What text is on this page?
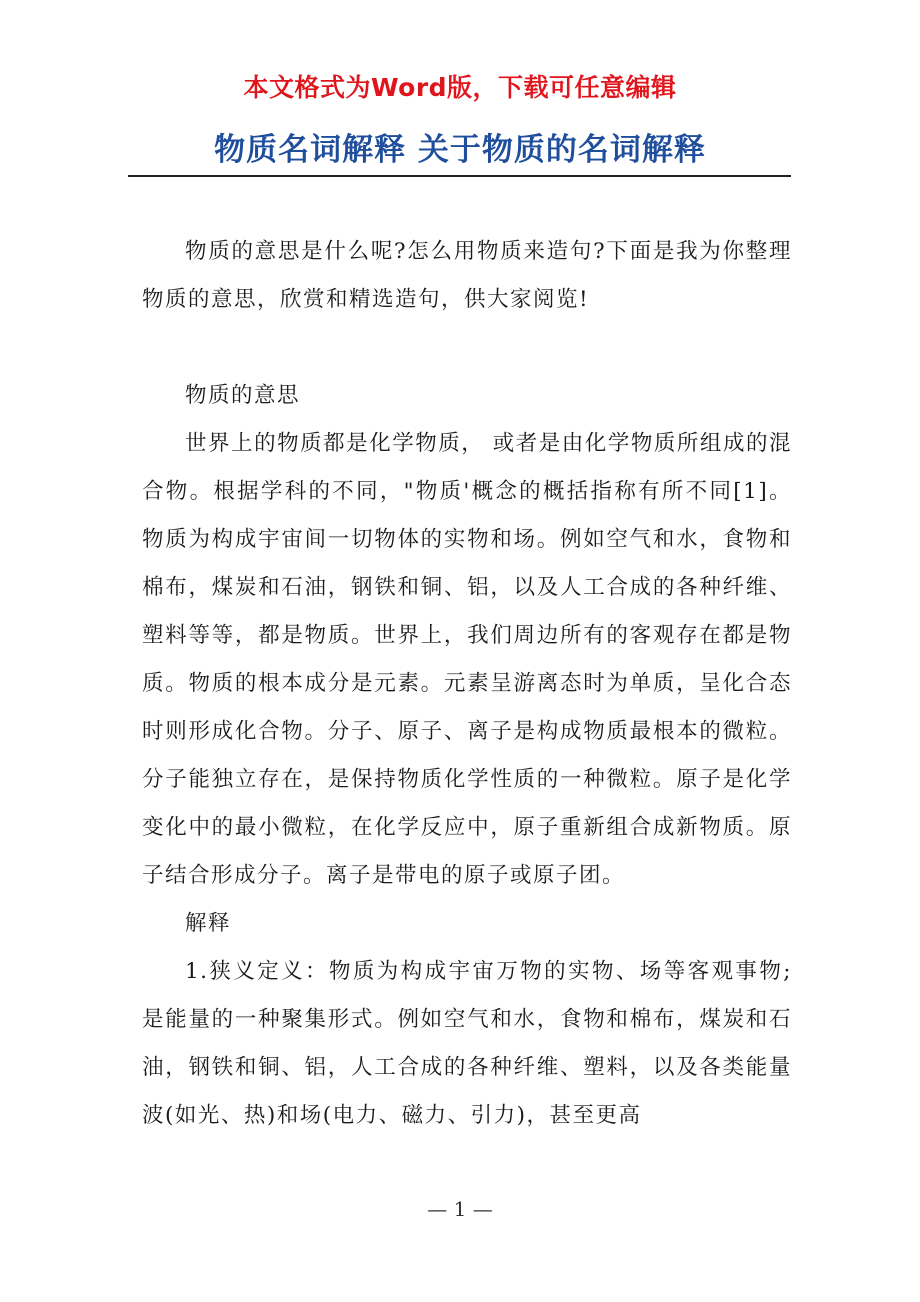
本文格式为Word版，下载可任意编辑
物质名词解释 关于物质的名词解释

物质的意思是什么呢?怎么用物质来造句?下面是我为你整理物质的意思，欣赏和精选造句，供大家阅览!

物质的意思

世界上的物质都是化学物质， 或者是由化学物质所组成的混合物。根据学科的不同，"物质'概念的概括指称有所不同[1]。物质为构成宇宙间一切物体的实物和场。例如空气和水，食物和棉布，煤炭和石油，钢铁和铜、铝，以及人工合成的各种纤维、塑料等等，都是物质。世界上，我们周边所有的客观存在都是物质。物质的根本成分是元素。元素呈游离态时为单质，呈化合态时则形成化合物。分子、原子、离子是构成物质最根本的微粒。分子能独立存在，是保持物质化学性质的一种微粒。原子是化学变化中的最小微粒，在化学反应中，原子重新组合成新物质。原子结合形成分子。离子是带电的原子或原子团。

解释

1.狭义定义：物质为构成宇宙万物的实物、场等客观事物;是能量的一种聚集形式。例如空气和水，食物和棉布，煤炭和石油，钢铁和铜、铝，人工合成的各种纤维、塑料，以及各类能量波(如光、热)和场(电力、磁力、引力)，甚至更高

— 1 —
